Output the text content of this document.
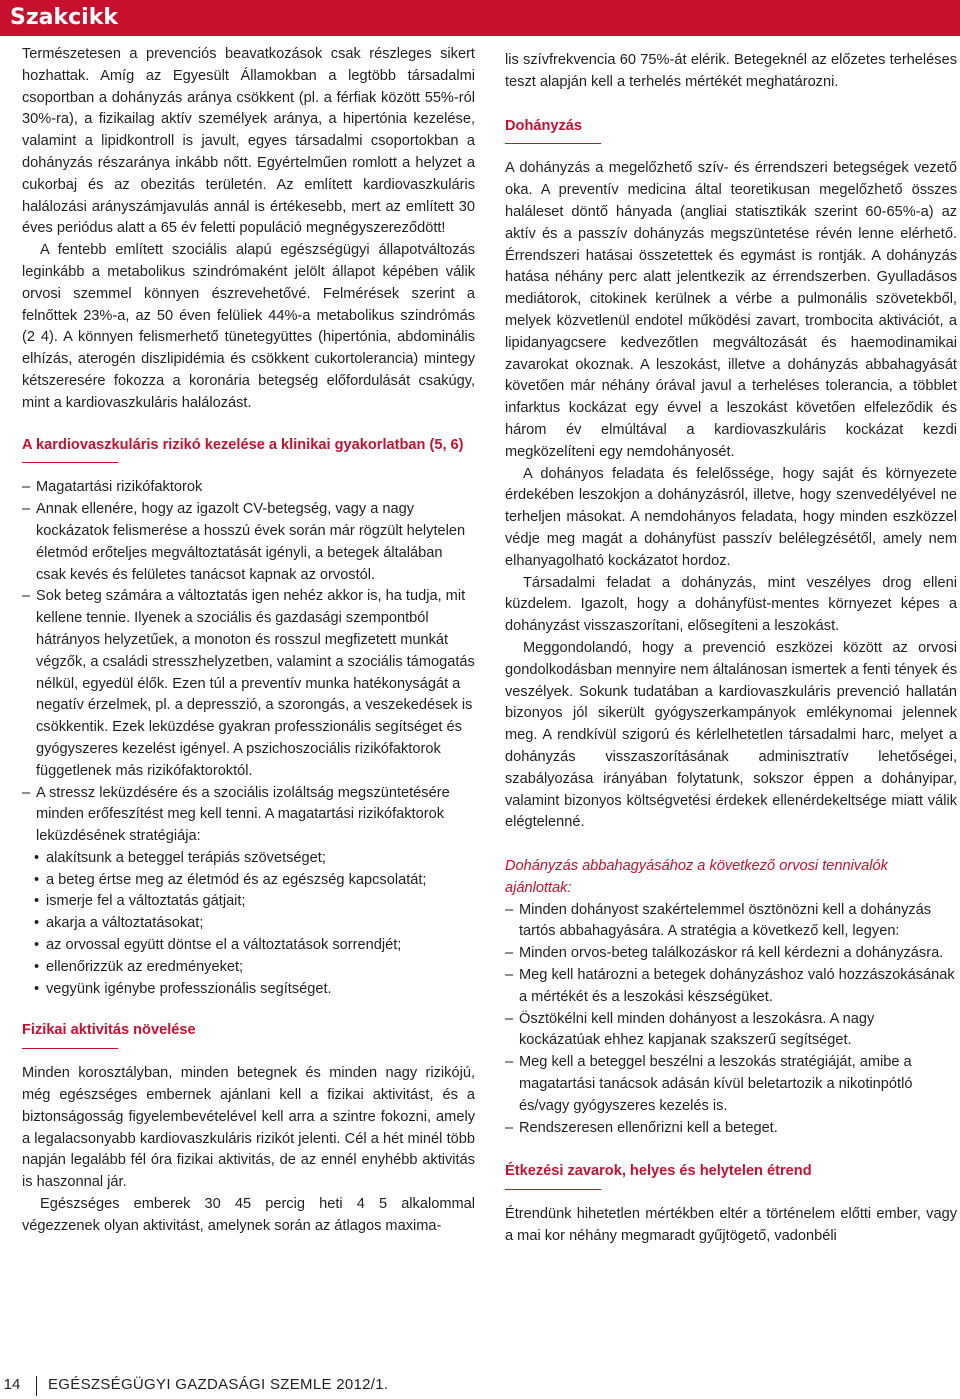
Szakcikk

Természetesen a prevenciós beavatkozások csak részleges sikert hozhattak. Amíg az Egyesült Államokban a legtöbb társadalmi csoportban a dohányzás aránya csökkent (pl. a férfiak között 55%-ról 30%-ra), a fizikailag aktív személyek aránya, a hipertónia kezelése, valamint a lipidkontroll is javult, egyes társadalmi csoportokban a dohányzás részaránya inkább nőtt. Egyértelműen romlott a helyzet a cukorbaj és az obezitás területén. Az említett kardiovaszkuláris halálozási arányszámjavulás annál is értékesebb, mert az említett 30 éves periódus alatt a 65 év feletti populáció megnégyszereződött!

A fentebb említett szociális alapú egészségügyi állapotváltozás leginkább a metabolikus szindrómaként jelölt állapot képében válik orvosi szemmel könnyen észrevehetővé. Felmérések szerint a felnőttek 23%-a, az 50 éven felüliek 44%-a metabolikus szindrómás (2 4). A könnyen felismerhető tünetegyüttes (hipertónia, abdominális elhízás, aterogén diszlipidémia és csökkent cukortolerancia) mintegy kétszeresére fokozza a koronária betegség előfordulását csakúgy, mint a kardiovaszkuláris halálozást.

A kardiovaszkuláris rizikó kezelése a klinikai gyakorlatban (5, 6)
– Magatartási rizikófaktorok
– Annak ellenére, hogy az igazolt CV-betegség, vagy a nagy kockázatok felismerése a hosszú évek során már rögzült helytelen életmód erőteljes megváltoztatását igényli, a betegek általában csak kevés és felületes tanácsot kapnak az orvostól.
– Sok beteg számára a változtatás igen nehéz akkor is, ha tudja, mit kellene tennie. Ilyenek a szociális és gazdasági szempontból hátrányos helyzetűek, a monoton és rosszul megfizetett munkát végzők, a családi stresszhelyzetben, valamint a szociális támogatás nélkül, egyedül élők. Ezen túl a preventív munka hatékonyságát a negatív érzelmek, pl. a depresszió, a szorongás, a veszekedések is csökkentik. Ezek leküzdése gyakran professzionális segítséget és gyógyszeres kezelést igényel. A pszichoszociális rizikófaktorok függetlenek más rizikófaktoroktól.
– A stressz leküzdésére és a szociális izoláltság megszüntetésére minden erőfeszítést meg kell tenni. A magatartási rizikófaktorok leküzdésének stratégiája:
• alakítsunk a beteggel terápiás szövetséget;
• a beteg értse meg az életmód és az egészség kapcsolatát;
• ismerje fel a változtatás gátjait;
• akarja a változtatásokat;
• az orvossal együtt döntse el a változtatások sorrendjét;
• ellenőrizzük az eredményeket;
• vegyünk igénybe professzionális segítséget.
Fizikai aktivitás növelése

Minden korosztályban, minden betegnek és minden nagy rizikójú, még egészséges embernek ajánlani kell a fizikai aktivitást, és a biztonságosság figyelembevételével kell arra a szintre fokozni, amely a legalacsonyabb kardiovaszkuláris rizikót jelenti. Cél a hét minél több napján legalább fél óra fizikai aktivitás, de az ennél enyhébb aktivitás is haszonnal jár.

Egészséges emberek 30 45 percig heti 4 5 alkalommal végezzenek olyan aktivitást, amelynek során az átlagos maxima-

lis szívfrekvencia 60 75%-át elérik. Betegeknél az előzetes terheléses teszt alapján kell a terhelés mértékét meghatározni.

Dohányzás

A dohányzás a megelőzhető szív- és érrendszeri betegségek vezető oka. A preventív medicina által teoretikusan megelőzhető összes haláleset döntő hányada (angliai statisztikák szerint 60-65%-a) az aktív és a passzív dohányzás megszüntetése révén lenne elérhető. Érrendszeri hatásai összetettek és egymást is rontják. A dohányzás hatása néhány perc alatt jelentkezik az érrendszerben. Gyulladásos mediátorok, citokinek kerülnek a vérbe a pulmonális szövetekből, melyek közvetlenül endotel működési zavart, trombocita aktivációt, a lipidanyagcsere kedvezőtlen megváltozását és haemodinamikai zavarokat okoznak. A leszokást, illetve a dohányzás abbahagyását követően már néhány órával javul a terheléses tolerancia, a többlet infarktus kockázat egy évvel a leszokást követően elfeleződik és három év elmúltával a kardiovaszkuláris kockázat kezdi megközelíteni egy nemdohányosét.

A dohányos feladata és felelőssége, hogy saját és környezete érdekében leszokjon a dohányzásról, illetve, hogy szenvedélyével ne terheljen másokat. A nemdohányos feladata, hogy minden eszközzel védje meg magát a dohányfüst passzív belélegzésétől, amely nem elhanyagolható kockázatot hordoz.

Társadalmi feladat a dohányzás, mint veszélyes drog elleni küzdelem. Igazolt, hogy a dohányfüst-mentes környezet képes a dohányzást visszaszorítani, elősegíteni a leszokást.

Meggondolandó, hogy a prevenció eszközei között az orvosi gondolkodásban mennyire nem általánosan ismertek a fenti tények és veszélyek. Sokunk tudatában a kardiovaszkuláris prevenció hallatán bizonyos jól sikerült gyógyszerkampányok emlékynomai jelennek meg. A rendkívül szigorú és kérlelhetetlen társadalmi harc, melyet a dohányzás visszaszorításának adminisztratív lehetőségei, szabályozása irányában folytatunk, sokszor éppen a dohányipar, valamint bizonyos költségvetési érdekek ellenérdekeltsége miatt válik elégtelenné.

Dohányzás abbahagyásához a következő orvosi tennivalók ajánlottak:
– Minden dohányost szakértelemmel ösztönözni kell a dohányzás tartós abbahagyására. A stratégia a következő kell, legyen:
– Minden orvos-beteg találkozáskor rá kell kérdezni a dohányzásra.
– Meg kell határozni a betegek dohányzáshoz való hozzászokásának a mértékét és a leszokási készségüket.
– Ösztökélni kell minden dohányost a leszokásra. A nagy kockázatúak ehhez kapjanak szakszerű segítséget.
– Meg kell a beteggel beszélni a leszokás stratégiáját, amibe a magatartási tanácsok adásán kívül beletartozik a nikotinpótló és/vagy gyógyszeres kezelés is.
– Rendszeresen ellenőrizni kell a beteget.
Étkezési zavarok, helyes és helytelen étrend

Étrendünk hihetetlen mértékben eltér a történelem előtti ember, vagy a mai kor néhány megmaradt gyűjtögető, vadonbéli

14 EGÉSZSÉGÜGYI GAZDASÁGI SZEMLE 2012/1.
